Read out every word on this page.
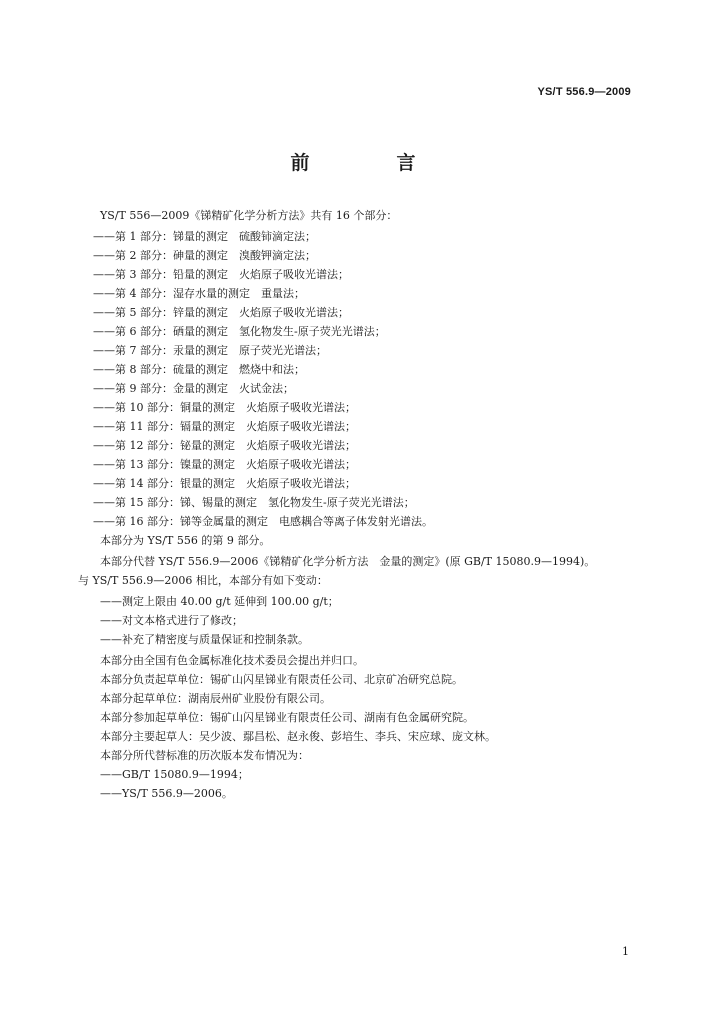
YS/T 556.9—2009
前　言
YS/T 556—2009《锑精矿化学分析方法》共有 16 个部分：
——第 1 部分：锑量的测定　硫酸铈滴定法；
——第 2 部分：砷量的测定　溴酸钾滴定法；
——第 3 部分：铅量的测定　火焰原子吸收光谱法；
——第 4 部分：湿存水量的测定　重量法；
——第 5 部分：锌量的测定　火焰原子吸收光谱法；
——第 6 部分：硒量的测定　氢化物发生-原子荧光光谱法；
——第 7 部分：汞量的测定　原子荧光光谱法；
——第 8 部分：硫量的测定　燃烧中和法；
——第 9 部分：金量的测定　火试金法；
——第 10 部分：铜量的测定　火焰原子吸收光谱法；
——第 11 部分：镉量的测定　火焰原子吸收光谱法；
——第 12 部分：铋量的测定　火焰原子吸收光谱法；
——第 13 部分：镍量的测定　火焰原子吸收光谱法；
——第 14 部分：银量的测定　火焰原子吸收光谱法；
——第 15 部分：锑、锡量的测定　氢化物发生-原子荧光光谱法；
——第 16 部分：锑等金属量的测定　电感耦合等离子体发射光谱法。
本部分为 YS/T 556 的第 9 部分。
本部分代替 YS/T 556.9—2006《锑精矿化学分析方法　金量的测定》(原 GB/T 15080.9—1994)。
与 YS/T 556.9—2006 相比，本部分有如下变动：
——测定上限由 40.00 g/t 延伸到 100.00 g/t；
——对文本格式进行了修改；
——补充了精密度与质量保证和控制条款。
本部分由全国有色金属标准化技术委员会提出并归口。
本部分负责起草单位：锡矿山闪星锑业有限责任公司、北京矿冶研究总院。
本部分起草单位：湖南辰州矿业股份有限公司。
本部分参加起草单位：锡矿山闪星锑业有限责任公司、湖南有色金属研究院。
本部分主要起草人：吴少波、鄢昌松、赵永俊、彭培生、李兵、宋应球、庞文林。
本部分所代替标准的历次版本发布情况为：
——GB/T 15080.9—1994；
——YS/T 556.9—2006。
1
